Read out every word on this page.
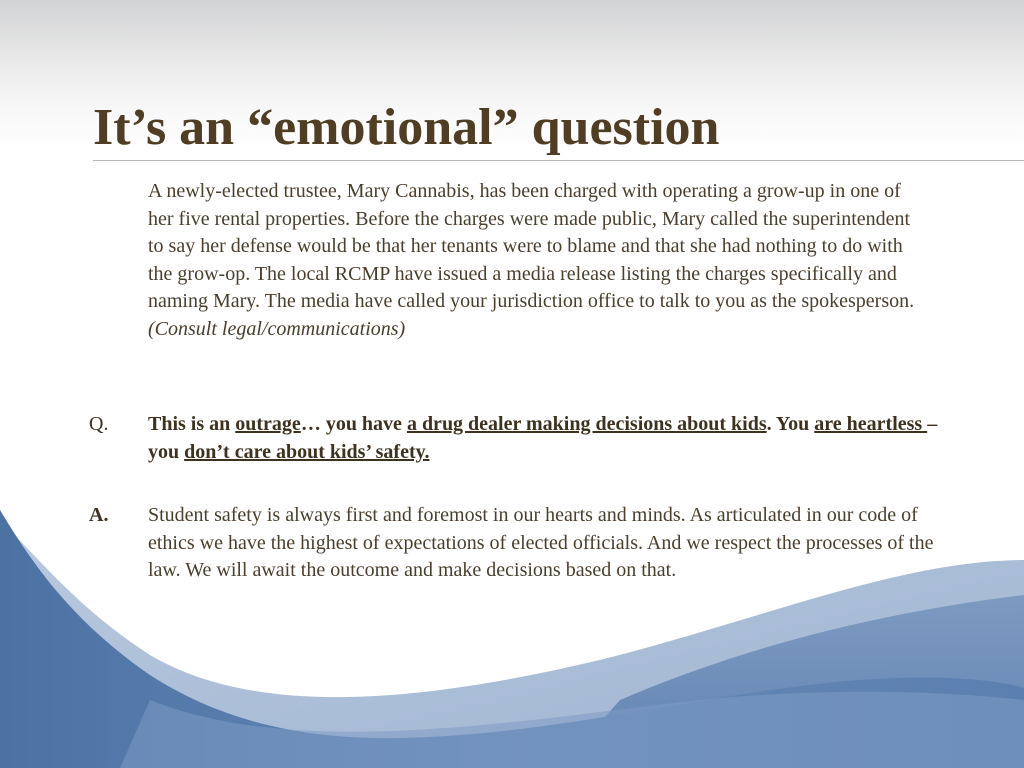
It’s an “emotional” question
A newly-elected trustee, Mary Cannabis, has been charged with operating a grow-up in one of her five rental properties. Before the charges were made public, Mary called the superintendent to say her defense would be that her tenants were to blame and that she had nothing to do with the grow-op. The local RCMP have issued a media release listing the charges specifically and naming Mary. The media have called your jurisdiction office to talk to you as the spokesperson. (Consult legal/communications)
Q. This is an outrage… you have a drug dealer making decisions about kids. You are heartless – you don’t care about kids’ safety.
A. Student safety is always first and foremost in our hearts and minds. As articulated in our code of ethics we have the highest of expectations of elected officials. And we respect the processes of the law. We will await the outcome and make decisions based on that.
